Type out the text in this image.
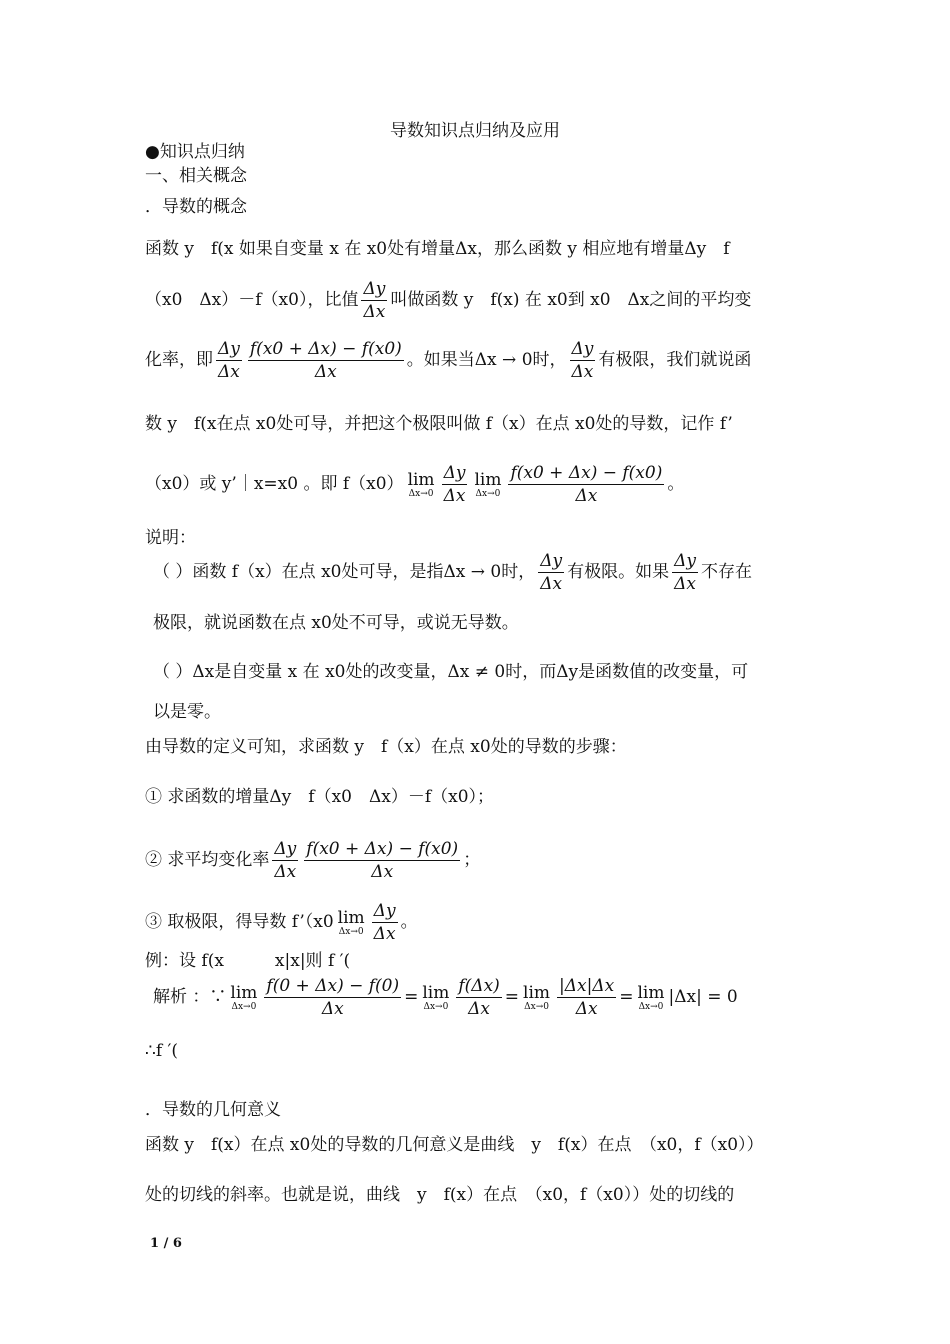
导数知识点归纳及应用
●知识点归纳
一、相关概念
．导数的概念
函数 y　f(x 如果自变量 x 在 x0处有增量Δx，那么函数 y 相应地有增量Δy　f
（x0　Δx）－f（x0），比值 $\frac{\Delta y}{\Delta x}$ 叫做函数 y　f(x) 在 x0到 x0　Δx之间的平均变
化率，即 $\frac{\Delta y}{\Delta x} \frac{f(x0 + \Delta x) - f(x0)}{\Delta x}$ 。如果当Δx → 0时， $\frac{\Delta y}{\Delta x}$ 有极限，我们就说函
数 y　f(x在点 x0处可导，并把这个极限叫做 f（x）在点 x0处的导数，记作 f’
（x0）或 y’｜x=x0 。即 f（x0） lim
$\Delta x\to 0 \frac{\Delta y}{\Delta x}$ lim
$\Delta x\to 0 \frac{f(x0 + \Delta x) - f(x0)}{\Delta x}$ 。
说明：
（ ）函数 f（x）在点 x0处可导，是指Δx → 0时， $\frac{\Delta y}{\Delta x}$ 有极限。如果 $\frac{\Delta y}{\Delta x}$ 不存在
极限，就说函数在点 x0处不可导，或说无导数。
（ ）Δx是自变量 x 在 x0处的改变量，Δx ≠ 0时，而Δy是函数值的改变量，可
以是零。
由导数的定义可知，求函数 y　f（x）在点 x0处的导数的步骤：
① 求函数的增量Δy　f（x0　Δx）－f（x0）；
② 求平均变化率 $\frac{\Delta y}{\Delta x} \frac{f(x0 + \Delta x) - f(x0)}{\Delta x}$ ；
③ 取极限，得导数 f’（x0 lim
$\Delta x\to 0 \frac{\Delta y}{\Delta x}$ 。
例：设 f(x　　　x|x|则 f ′(
解析 ：∵ lim
$\Delta x\to 0 \frac{f(0 + \Delta x) - f(0)}{\Delta x} = \lim$
$\Delta x\to 0 \frac{f(\Delta x)}{\Delta x} = \lim$
$\Delta x\to 0 \frac{|\Delta x|\Delta x}{\Delta x} = \lim$
Δx→0 |Δx| = 0
∴f ′(
．导数的几何意义
函数 y　f(x）在点 x0处的导数的几何意义是曲线　y　f(x）在点　（x0，f（x0））
处的切线的斜率。也就是说，曲线　y　f(x）在点　（x0，f（x0））处的切线的
1 / 6
